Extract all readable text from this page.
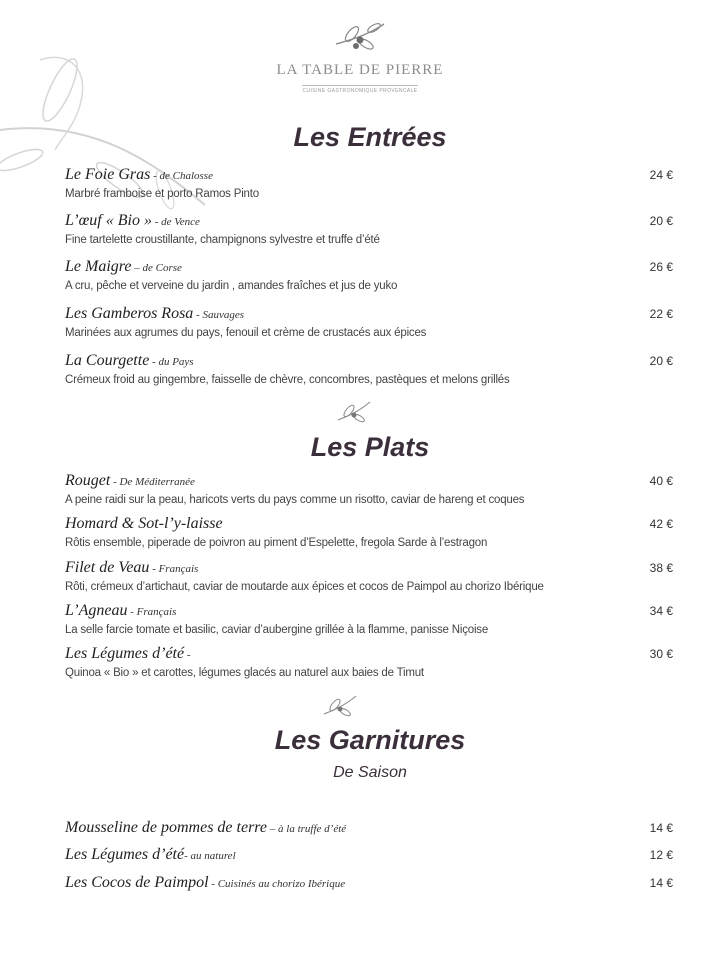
LA TABLE DE PIERRE
CUISINE GASTRONOMIQUE PROVENCALE
Les Entrées
Le Foie Gras - de Chalosse	24 €
Marbré framboise et porto Ramos Pinto
L’œuf « Bio » - de Vence	20 €
Fine tartelette croustillante, champignons sylvestre et truffe d’été
Le Maigre – de Corse	26 €
A cru, pêche et verveine du jardin , amandes fraîches et jus de yuko
Les Gamberos Rosa - Sauvages	22 €
Marinées aux agrumes du pays, fenouil et crème de crustacés aux épices
La Courgette - du Pays	20 €
Crémeux froid au gingembre, faisselle de chèvre, concombres, pastèques et melons grillés
Les Plats
Rouget - De Méditerranée	40 €
A peine raidi sur la peau, haricots verts du pays comme un risotto, caviar de hareng et coques
Homard & Sot-l’y-laisse	42 €
Rôtis ensemble, piperade de poivron au piment d’Espelette, fregola Sarde à l’estragon
Filet de Veau - Français	38 €
Rôti, crémeux d’artichaut, caviar de moutarde aux épices et cocos de Paimpol au chorizo Ibérique
L’Agneau - Français	34 €
La selle farcie tomate et basilic, caviar d’aubergine grillée à la flamme, panisse Niçoise
Les Légumes d’été -	30 €
Quinoa « Bio » et carottes, légumes glacés au naturel aux baies de Timut
Les Garnitures
De Saison
Mousseline de pommes de terre – à la truffe d’été	14 €
Les Légumes d’été- au naturel	12 €
Les Cocos de Paimpol - Cuisinés au chorizo Ibérique	14 €
